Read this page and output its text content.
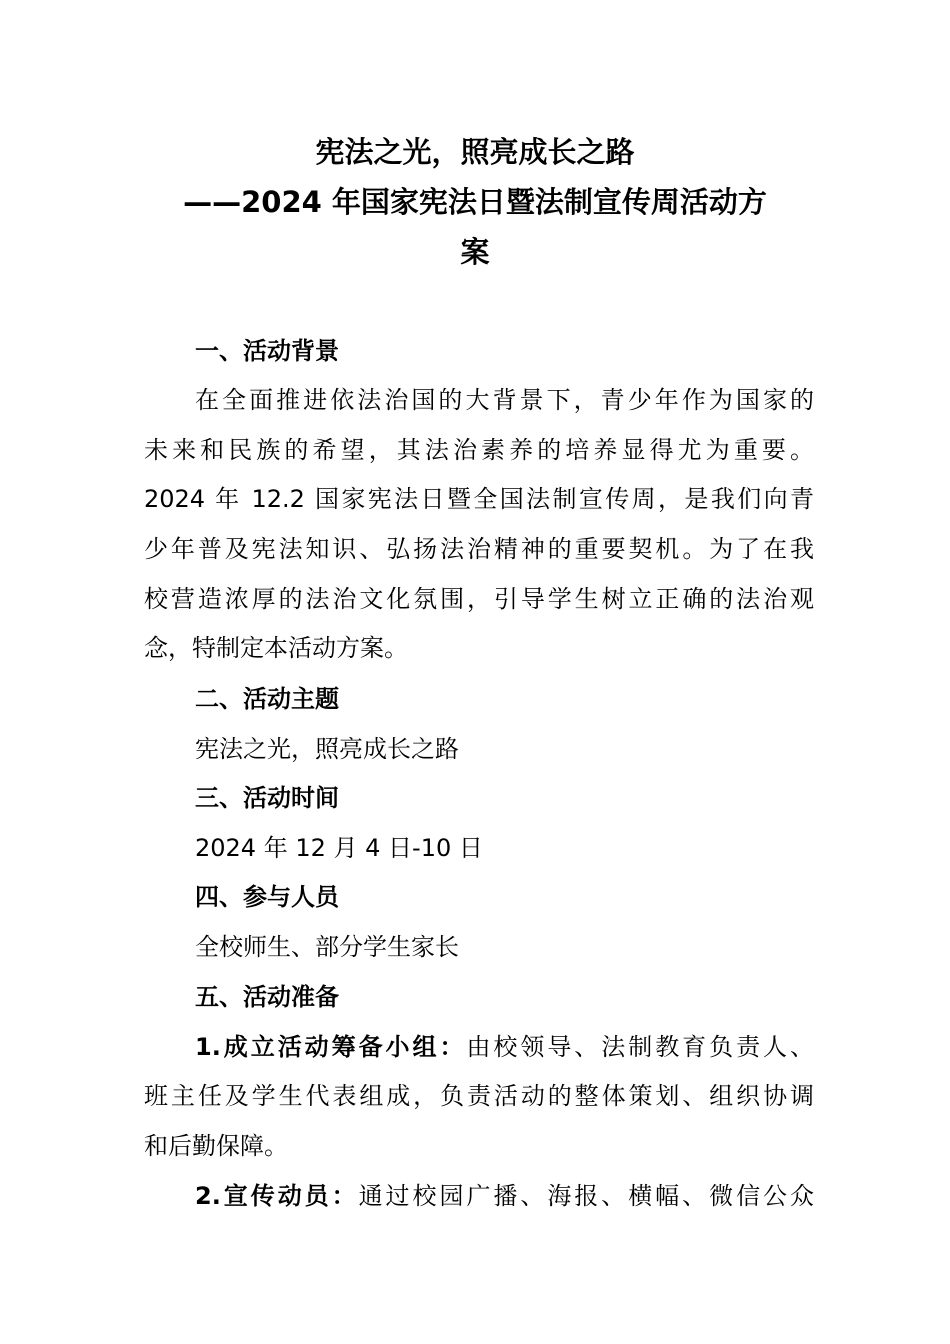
宪法之光，照亮成长之路
——2024 年国家宪法日暨法制宣传周活动方
案
一、活动背景
在全面推进依法治国的大背景下，青少年作为国家的
未来和民族的希望，其法治素养的培养显得尤为重要。
2024 年 12.2 国家宪法日暨全国法制宣传周，是我们向青
少年普及宪法知识、弘扬法治精神的重要契机。为了在我
校营造浓厚的法治文化氛围，引导学生树立正确的法治观
念，特制定本活动方案。
二、活动主题
宪法之光，照亮成长之路
三、活动时间
2024 年 12 月 4 日-10 日
四、参与人员
全校师生、部分学生家长
五、活动准备
1.成立活动筹备小组：由校领导、法制教育负责人、
班主任及学生代表组成，负责活动的整体策划、组织协调
和后勤保障。
2.宣传动员：通过校园广播、海报、横幅、微信公众
